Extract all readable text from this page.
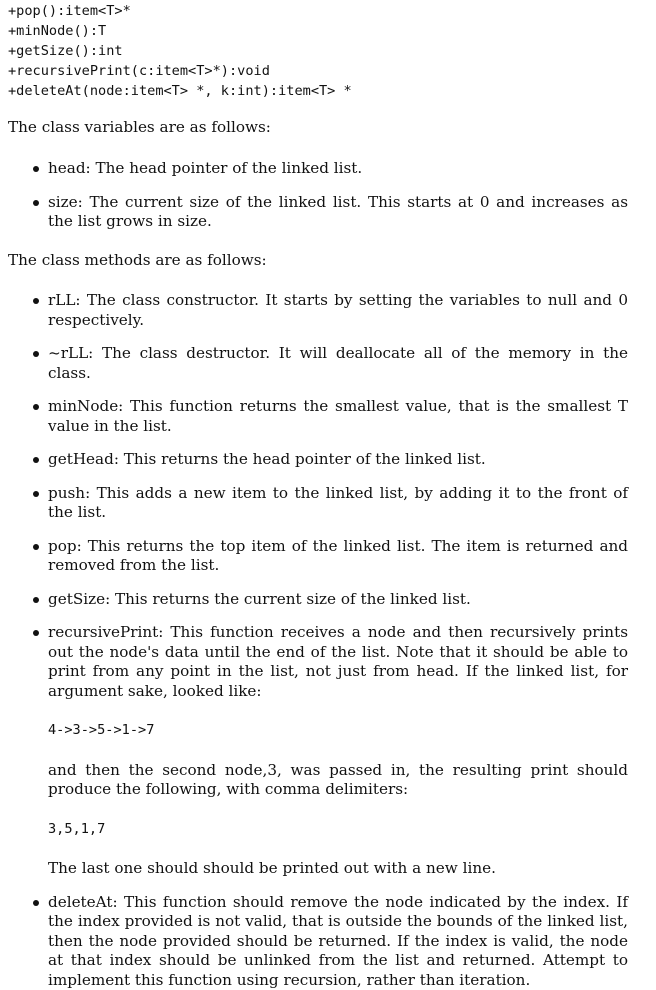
+pop():item<T>*
+minNode():T
+getSize():int
+recursivePrint(c:item<T>*):void
+deleteAt(node:item<T> *, k:int):item<T> *
The class variables are as follows:
head: The head pointer of the linked list.
size: The current size of the linked list. This starts at 0 and increases as the list grows in size.
The class methods are as follows:
rLL: The class constructor. It starts by setting the variables to null and 0 respectively.
~rLL: The class destructor. It will deallocate all of the memory in the class.
minNode: This function returns the smallest value, that is the smallest T value in the list.
getHead: This returns the head pointer of the linked list.
push: This adds a new item to the linked list, by adding it to the front of the list.
pop: This returns the top item of the linked list. The item is returned and removed from the list.
getSize: This returns the current size of the linked list.
recursivePrint: This function receives a node and then recursively prints out the node's data until the end of the list. Note that it should be able to print from any point in the list, not just from head. If the linked list, for argument sake, looked like:
4->3->5->1->7
and then the second node,3, was passed in, the resulting print should produce the following, with comma delimiters:
3,5,1,7
The last one should should be printed out with a new line.
deleteAt: This function should remove the node indicated by the index. If the index provided is not valid, that is outside the bounds of the linked list, then the node provided should be returned. If the index is valid, the node at that index should be unlinked from the list and returned. Attempt to implement this function using recursion, rather than iteration.
